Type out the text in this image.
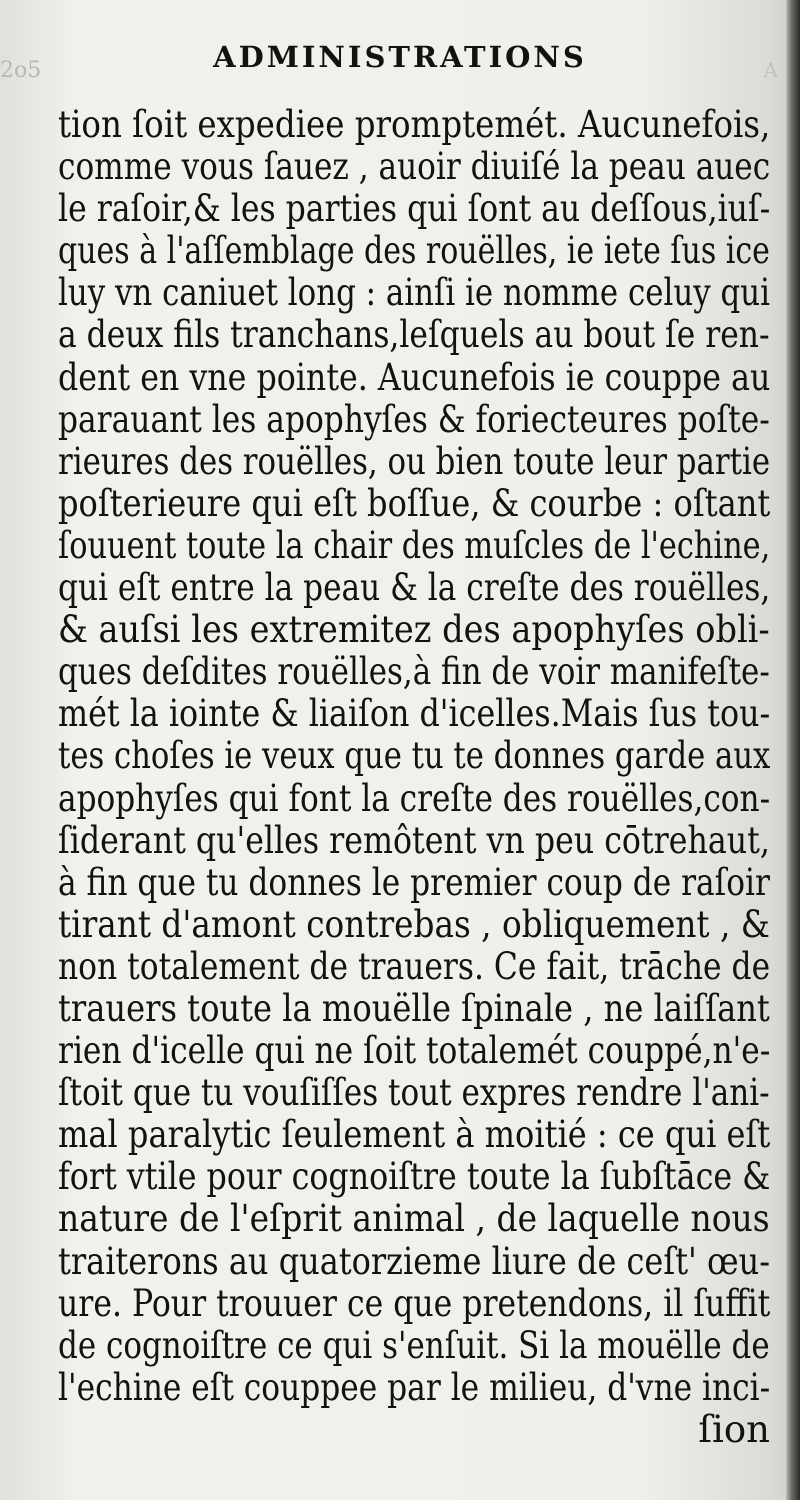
2o5	A
ADMINISTRATIONS
tion ſoit expediee promptemét. Aucunefois,
comme vous ſauez , auoir diuiſé la peau auec
le raſoir,& les parties qui ſont au deſſous,iuſ-
ques à l'aſſemblage des rouëlles, ie iete ſus ice
luy vn caniuet long : ainſi ie nomme celuy qui
a deux fils tranchans,leſquels au bout ſe ren-
dent en vne pointe. Aucunefois ie couppe au
parauant les apophyſes & foriecteures poſte-
rieures des rouëlles, ou bien toute leur partie
poſterieure qui eſt boſſue, & courbe : oſtant
ſouuent toute la chair des muſcles de l'echine,
qui eſt entre la peau & la creſte des rouëlles,
& auſsi les extremitez des apophyſes obli-
ques deſdites rouëlles,à fin de voir manifeſte-
mét la iointe & liaiſon d'icelles.Mais ſus tou-
tes choſes ie veux que tu te donnes garde aux
apophyſes qui font la creſte des rouëlles,con-
ſiderant qu'elles remôtent vn peu cōtrehaut,
à fin que tu donnes le premier coup de raſoir
tirant d'amont contrebas , obliquement , &
non totalement de trauers. Ce fait, trāche de
trauers toute la mouëlle ſpinale , ne laiſſant
rien d'icelle qui ne ſoit totalemét couppé,n'e-
ſtoit que tu vouſiſſes tout expres rendre l'ani-
mal paralytic ſeulement à moitié : ce qui eſt
fort vtile pour cognoiſtre toute la ſubſtāce &
nature de l'eſprit animal , de laquelle nous
traiterons au quatorzieme liure de ceſt' œu-
ure. Pour trouuer ce que pretendons, il ſuffit
de cognoiſtre ce qui s'enſuit. Si la mouëlle de
l'echine eſt couppee par le milieu, d'vne inci-
ſion
